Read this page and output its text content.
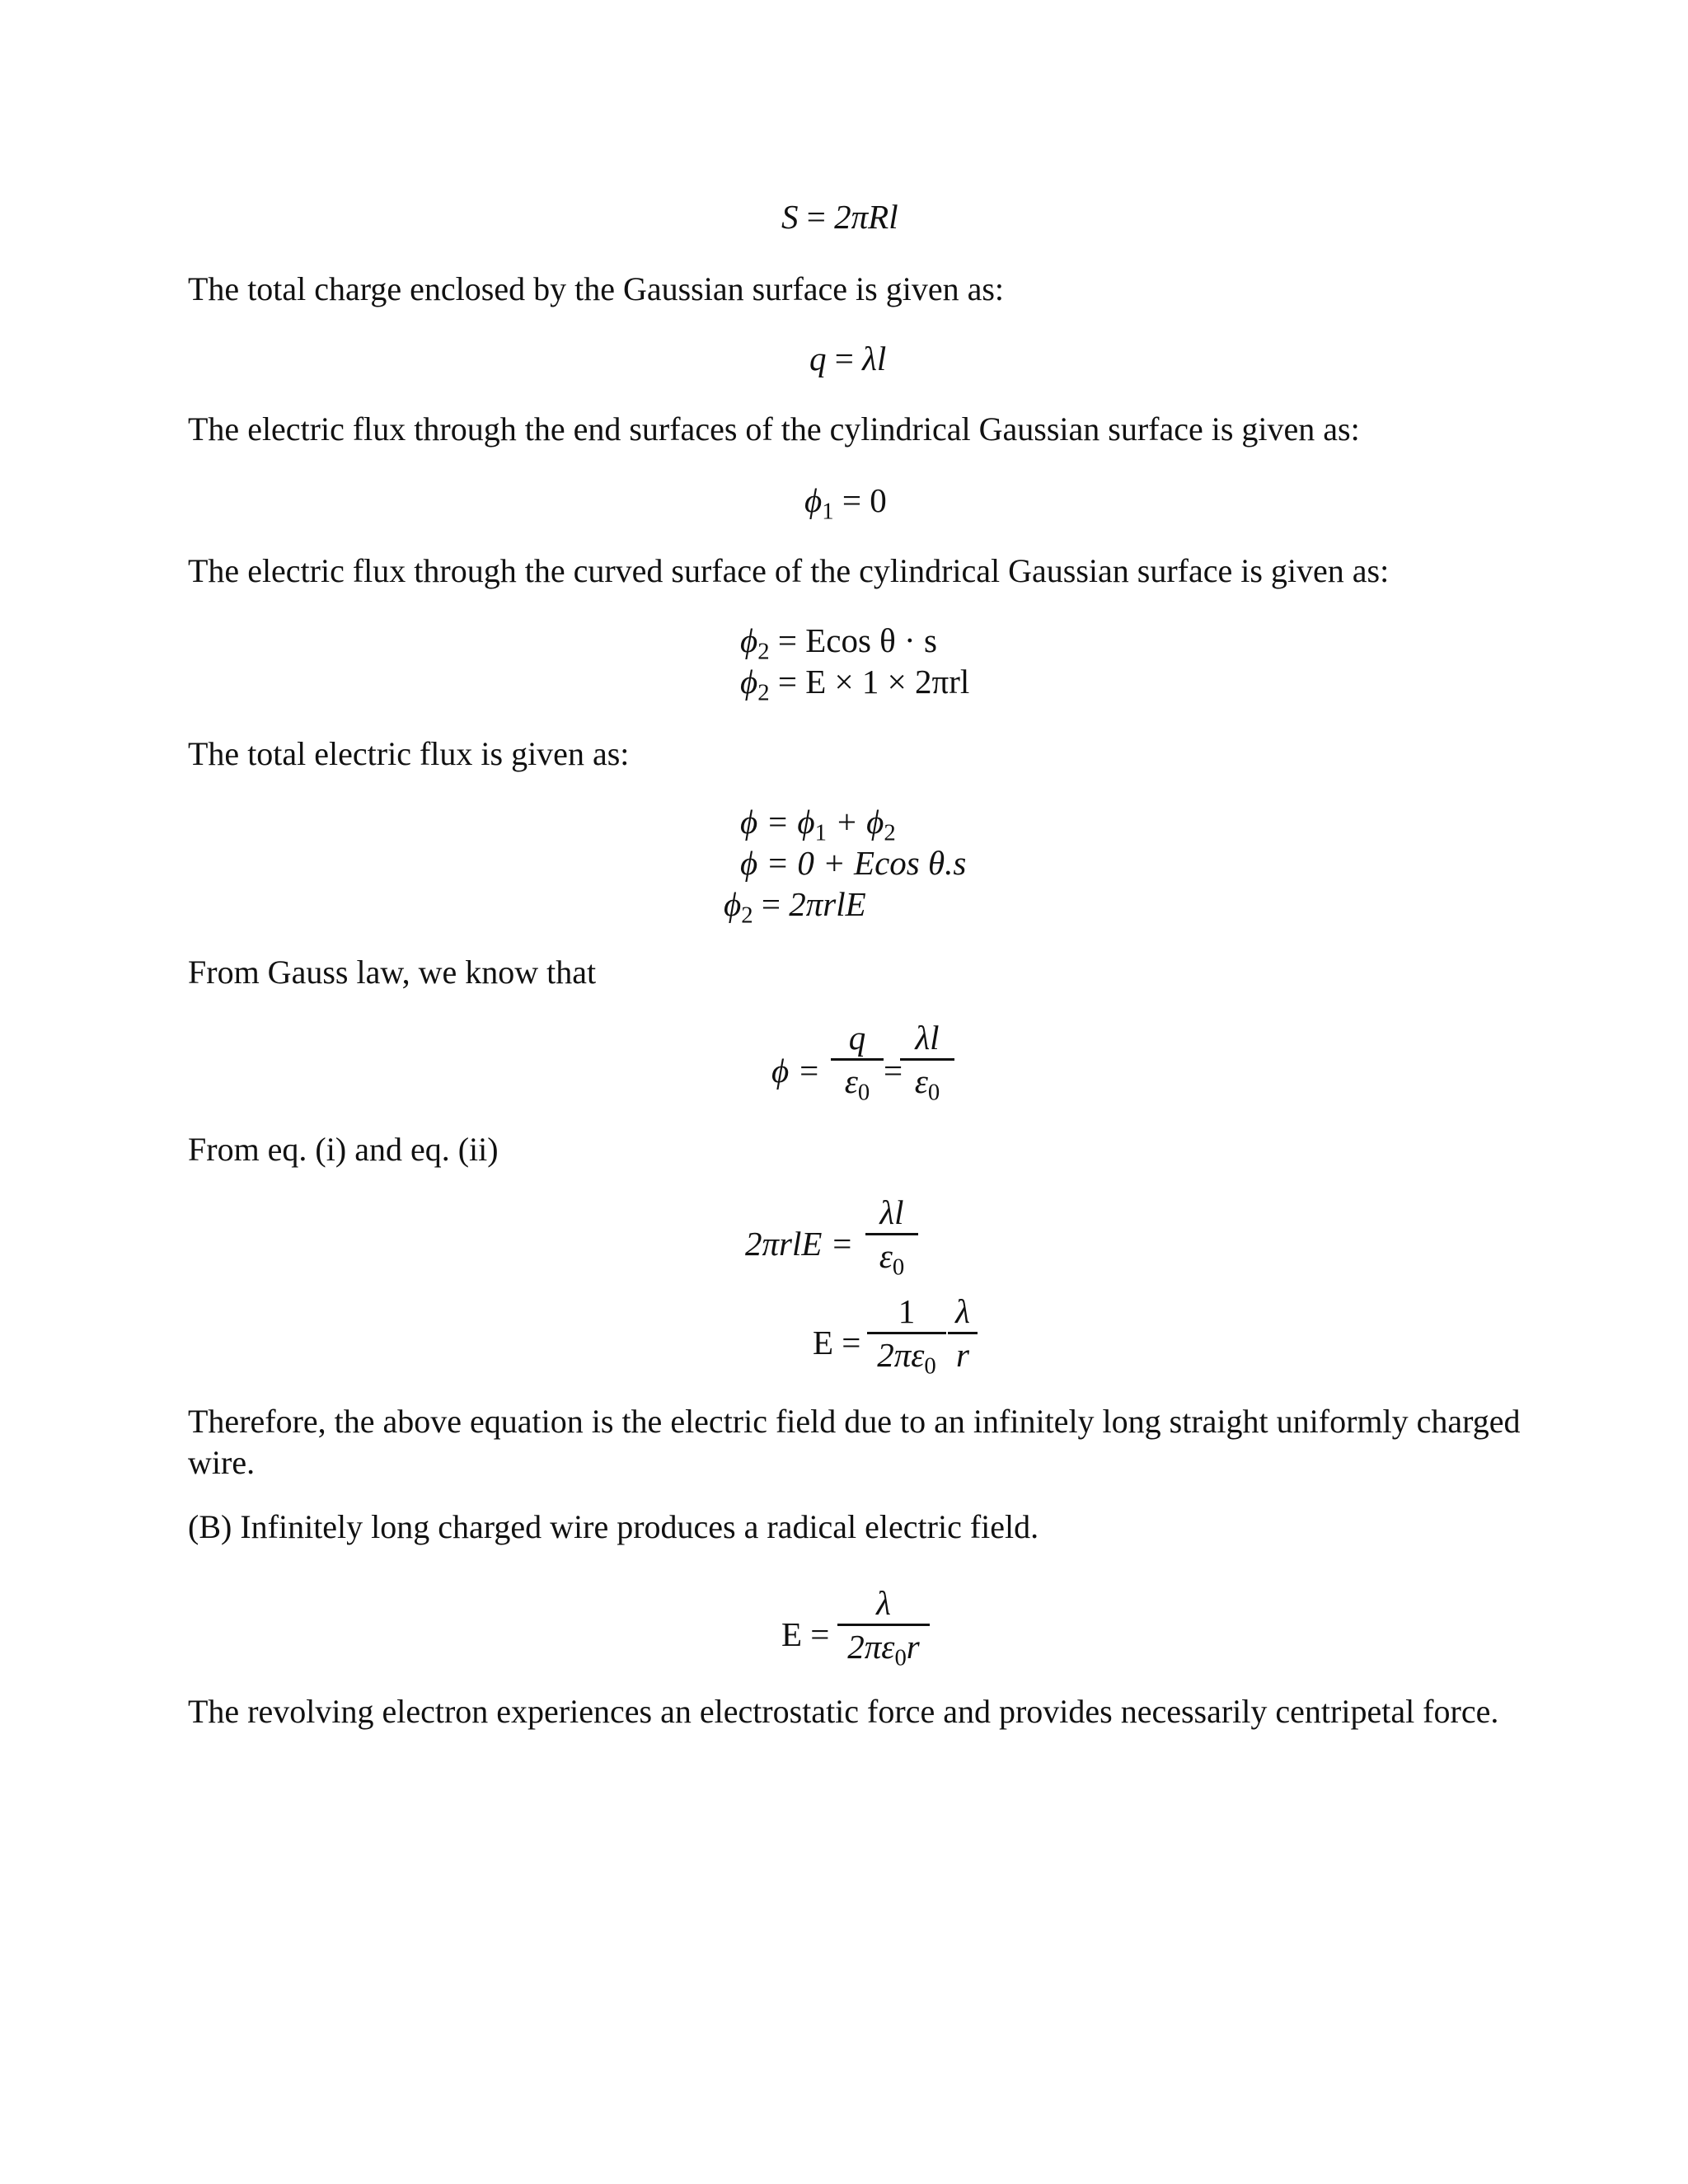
S = 2πRl

The total charge enclosed by the Gaussian surface is given as:

q = λl

The electric flux through the end surfaces of the cylindrical Gaussian surface is given as:

$\phi_1 = 0$

The electric flux through the curved surface of the cylindrical Gaussian surface is given as:

$\phi_2 = Ecos$ θ · s
$\phi_2 = E \times 1 \times 2\pi rl$

The total electric flux is given as:

$\phi = \phi_1 + \phi_2$
ϕ = 0 + Ecos θ.s
$\phi_2 = 2\pi rlE$

From Gauss law, we know that

ϕ =
q
$\varepsilon_0$
=
λl
$\varepsilon_0$

From eq. (i) and eq. (ii)

2πrlE =
λl
$\varepsilon_0$
E =
1
$2\pi\varepsilon_0$
λ
r

Therefore, the above equation is the electric field due to an infinitely long straight uniformly charged wire.

(B) Infinitely long charged wire produces a radical electric field.

E =
λ
$2\pi\varepsilon_0r$

The revolving electron experiences an electrostatic force and provides necessarily centripetal force.
